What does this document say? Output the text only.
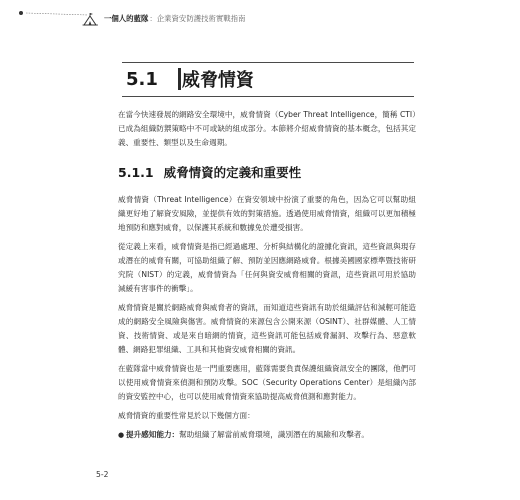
一個人的藍隊 ：企業資安防護技術實戰指南
5.1 威脅情資

在當今快速發展的網路安全環境中，威脅情資（Cyber Threat Intelligence，簡稱 CTI）已成為組織防禦策略中不可或缺的組成部分。本節將介紹威脅情資的基本概念，包括其定義、重要性、類型以及生命週期。

5.1.1 威脅情資的定義和重要性

威脅情資（Threat Intelligence）在資安領域中扮演了重要的角色，因為它可以幫助組織更好地了解資安風險，並提供有效的對策措施。透過使用威脅情資，組織可以更加積極地預防和應對威脅，以保護其系統和數據免於遭受損害。

從定義上來看，威脅情資是指已經過處理、分析與結構化的證據化資訊，這些資訊與現存或潛在的威脅有關，可協助組織了解、預防並因應網路威脅。根據美國國家標準暨技術研究院（NIST）的定義，威脅情資為「任何與資安威脅相關的資訊，這些資訊可用於協助減緩有害事件的衝擊」。

威脅情資是關於網路威脅與威脅者的資訊，而知道這些資訊有助於組織評估和減輕可能造成的網路安全風險與傷害。威脅情資的來源包含公開來源（OSINT）、社群媒體、人工情資、技術情資、或是來自暗網的情資，這些資訊可能包括威脅漏洞、攻擊行為、惡意軟體、網路犯罪組織、工具和其他資安威脅相關的資訊。

在藍隊當中威脅情資也是一門重要應用，藍隊需要負責保護組織資訊安全的團隊，他們可以使用威脅情資來偵測和預防攻擊。SOC（Security Operations Center）是組織內部的資安監控中心，也可以使用威脅情資來協助提高威脅偵測和應對能力。

威脅情資的重要性常見於以下幾個方面：

● 提升感知能力：幫助組織了解當前威脅環境，識別潛在的風險和攻擊者。
5-2
